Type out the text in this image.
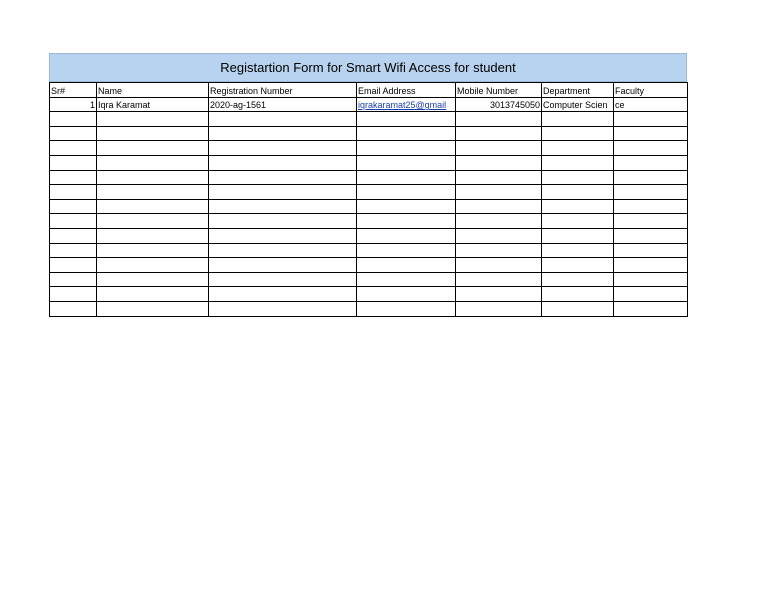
Registartion Form for Smart Wifi Access for student
Sr#	Name	Registration Number	Email Address	Mobile Number	Department	Faculty
1	Iqra Karamat	2020-ag-1561	iqrakaramat25@gmail	3013745050	Computer Scien	ce
